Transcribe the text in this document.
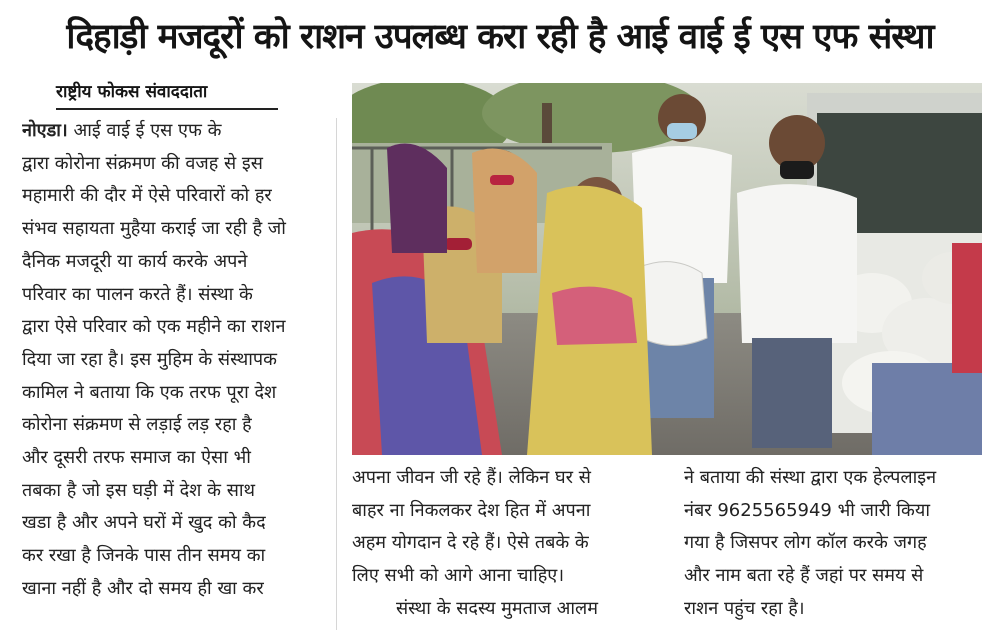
दिहाड़ी मजदूरों को राशन उपलब्ध करा रही है आई वाई ई एस एफ संस्था
राष्ट्रीय फोकस संवाददाता
नोएडा। आई वाई ई एस एफ के
द्वारा कोरोना संक्रमण की वजह से इस
महामारी की दौर में ऐसे परिवारों को हर
संभव सहायता मुहैया कराई जा रही है जो
दैनिक मजदूरी या कार्य करके अपने
परिवार का पालन करते हैं। संस्था के
द्वारा ऐसे परिवार को एक महीने का राशन
दिया जा रहा है। इस मुहिम के संस्थापक
कामिल ने बताया कि एक तरफ पूरा देश
कोरोना संक्रमण से लड़ाई लड़ रहा है
और दूसरी तरफ समाज का ऐसा भी
तबका है जो इस घड़ी में देश के साथ
खडा है और अपने घरों में खुद को कैद
कर रखा है जिनके पास तीन समय का
खाना नहीं है और दो समय ही खा कर
अपना जीवन जी रहे हैं। लेकिन घर से
बाहर ना निकलकर देश हित में अपना
अहम योगदान दे रहे हैं। ऐसे तबके के
लिए सभी को आगे आना चाहिए।
संस्था के सदस्य मुमताज आलम
ने बताया की संस्था द्वारा एक हेल्पलाइन
नंबर 9625565949 भी जारी किया
गया है जिसपर लोग कॉल करके जगह
और नाम बता रहे हैं जहां पर समय से
राशन पहुंच रहा है।
